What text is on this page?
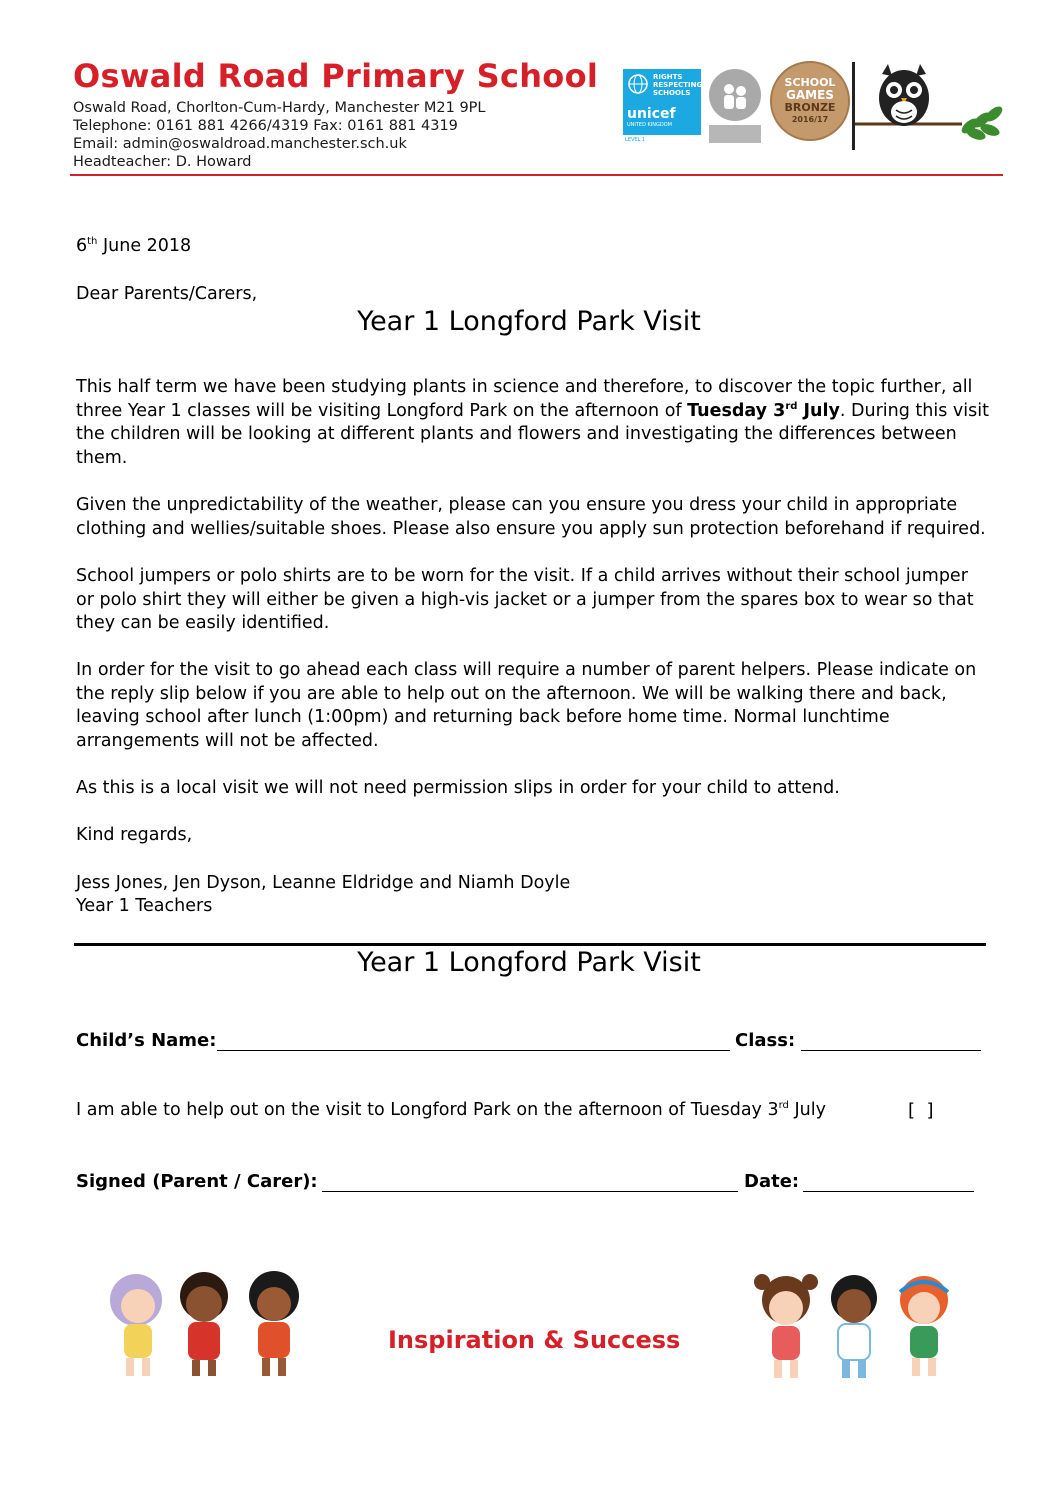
Oswald Road Primary School
Oswald Road, Chorlton-Cum-Hardy, Manchester M21 9PL
Telephone: 0161 881 4266/4319 Fax: 0161 881 4319
Email: admin@oswaldroad.manchester.sch.uk
Headteacher: D. Howard
RIGHTS
RESPECTING
SCHOOLS
unicef
UNITED KINGDOM
LEVEL 1
SCHOOL
GAMES
BRONZE
2016/17
6th June 2018
Dear Parents/Carers,
Year 1 Longford Park Visit
This half term we have been studying plants in science and therefore, to discover the topic further, all three Year 1 classes will be visiting Longford Park on the afternoon of Tuesday 3rd July. During this visit the children will be looking at different plants and flowers and investigating the differences between them.
Given the unpredictability of the weather, please can you ensure you dress your child in appropriate clothing and wellies/suitable shoes. Please also ensure you apply sun protection beforehand if required.
School jumpers or polo shirts are to be worn for the visit. If a child arrives without their school jumper or polo shirt they will either be given a high-vis jacket or a jumper from the spares box to wear so that they can be easily identified.
In order for the visit to go ahead each class will require a number of parent helpers. Please indicate on the reply slip below if you are able to help out on the afternoon. We will be walking there and back, leaving school after lunch (1:00pm) and returning back before home time. Normal lunchtime arrangements will not be affected.
As this is a local visit we will not need permission slips in order for your child to attend.
Kind regards,
Jess Jones, Jen Dyson, Leanne Eldridge and Niamh Doyle
Year 1 Teachers
Year 1 Longford Park Visit
Child’s Name:	Class:
I am able to help out on the visit to Longford Park on the afternoon of Tuesday 3rd July	[  ]
Signed (Parent / Carer):	Date:
Inspiration & Success
